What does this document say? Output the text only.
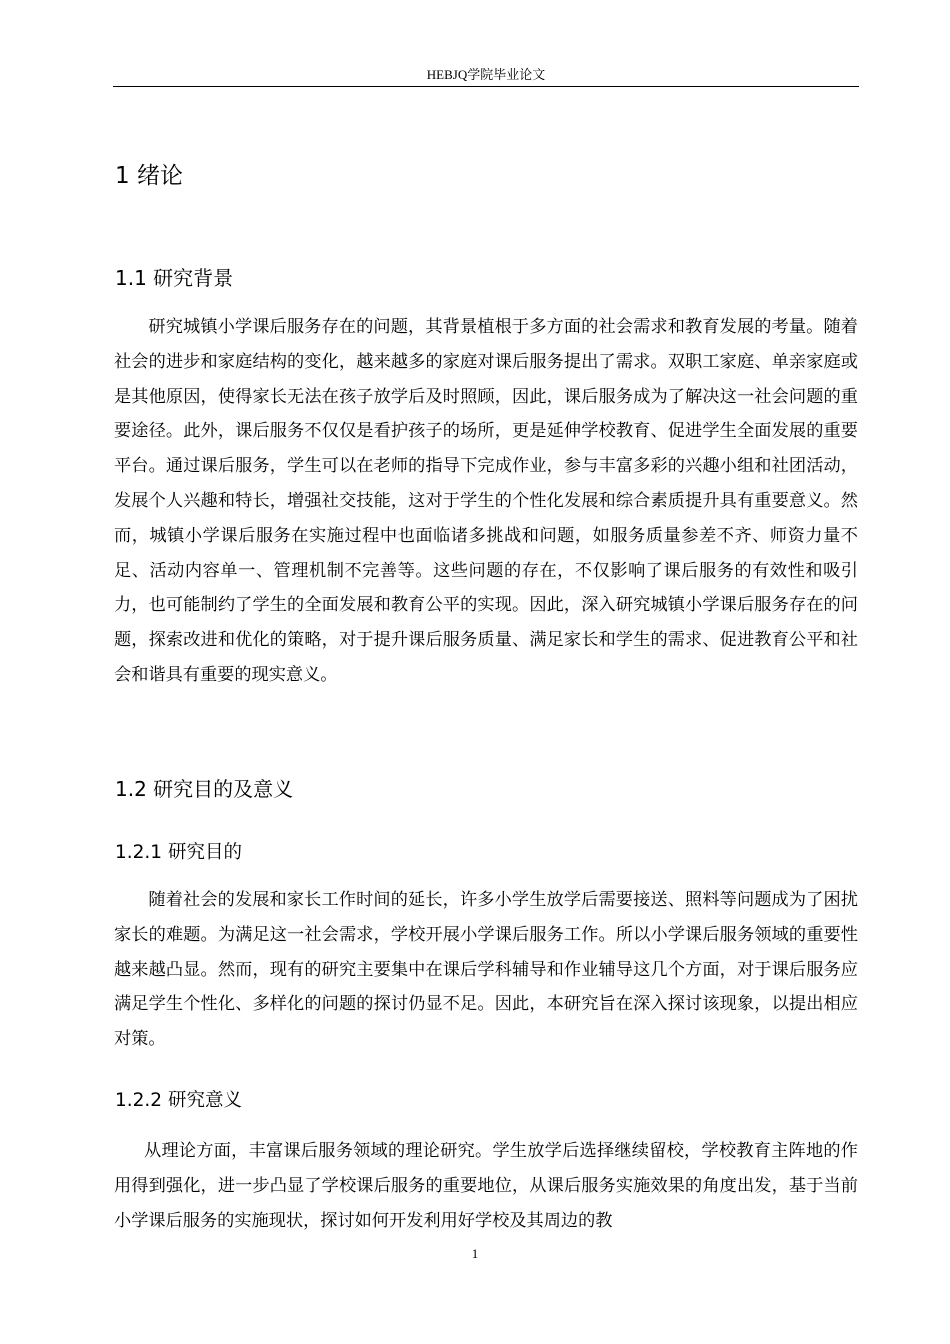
HEBJQ学院毕业论文
1 绪论
1.1 研究背景

研究城镇小学课后服务存在的问题，其背景植根于多方面的社会需求和教育发展的考量。随着社会的进步和家庭结构的变化，越来越多的家庭对课后服务提出了需求。双职工家庭、单亲家庭或是其他原因，使得家长无法在孩子放学后及时照顾，因此，课后服务成为了解决这一社会问题的重要途径。此外，课后服务不仅仅是看护孩子的场所，更是延伸学校教育、促进学生全面发展的重要平台。通过课后服务，学生可以在老师的指导下完成作业，参与丰富多彩的兴趣小组和社团活动，发展个人兴趣和特长，增强社交技能，这对于学生的个性化发展和综合素质提升具有重要意义。然而，城镇小学课后服务在实施过程中也面临诸多挑战和问题，如服务质量参差不齐、师资力量不足、活动内容单一、管理机制不完善等。这些问题的存在，不仅影响了课后服务的有效性和吸引力，也可能制约了学生的全面发展和教育公平的实现。因此，深入研究城镇小学课后服务存在的问题，探索改进和优化的策略，对于提升课后服务质量、满足家长和学生的需求、促进教育公平和社会和谐具有重要的现实意义。

1.2 研究目的及意义
1.2.1 研究目的

随着社会的发展和家长工作时间的延长，许多小学生放学后需要接送、照料等问题成为了困扰家长的难题。为满足这一社会需求，学校开展小学课后服务工作。所以小学课后服务领域的重要性越来越凸显。然而，现有的研究主要集中在课后学科辅导和作业辅导这几个方面，对于课后服务应满足学生个性化、多样化的问题的探讨仍显不足。因此，本研究旨在深入探讨该现象，以提出相应对策。

1.2.2 研究意义

从理论方面，丰富课后服务领域的理论研究。学生放学后选择继续留校，学校教育主阵地的作用得到强化，进一步凸显了学校课后服务的重要地位，从课后服务实施效果的角度出发，基于当前小学课后服务的实施现状，探讨如何开发利用好学校及其周边的教

1
